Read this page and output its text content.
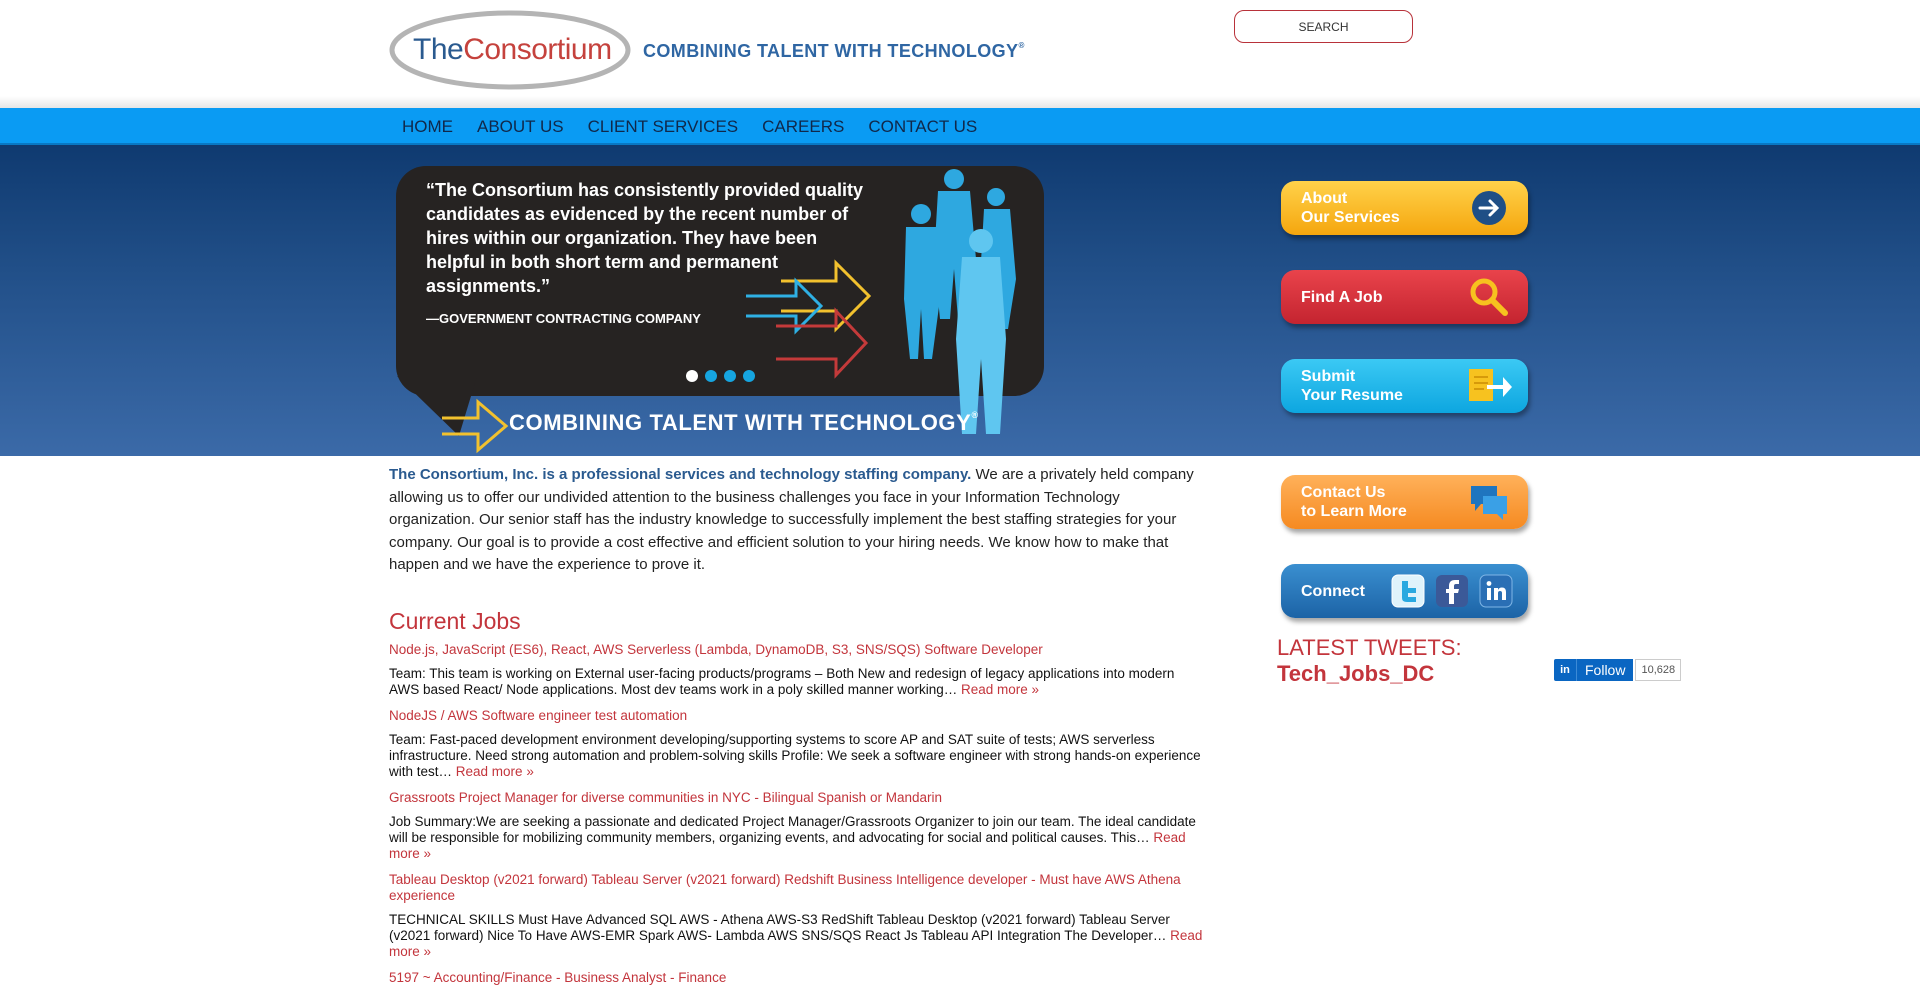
TheConsortium COMBINING TALENT WITH TECHNOLOGY®
SEARCH
HOME ABOUT US CLIENT SERVICES CAREERS CONTACT US
“The Consortium has consistently provided quality candidates as evidenced by the recent number of hires within our organization. They have been helpful in both short term and permanent assignments.”
—GOVERNMENT CONTRACTING COMPANY
COMBINING TALENT WITH TECHNOLOGY®
About
Our Services
Find A Job
Submit
Your Resume
Contact Us
to Learn More
Connect
The Consortium, Inc. is a professional services and technology staffing company. We are a privately held company allowing us to offer our undivided attention to the business challenges you face in your Information Technology organization. Our senior staff has the industry knowledge to successfully implement the best staffing strategies for your company. Our goal is to provide a cost effective and efficient solution to your hiring needs. We know how to make that happen and we have the experience to prove it.
Current Jobs
Node.js, JavaScript (ES6), React, AWS Serverless (Lambda, DynamoDB, S3, SNS/SQS) Software Developer
Team: This team is working on External user-facing products/programs – Both New and redesign of legacy applications into modern AWS based React/ Node applications. Most dev teams work in a poly skilled manner working… Read more »
NodeJS / AWS Software engineer test automation
Team: Fast-paced development environment developing/supporting systems to score AP and SAT suite of tests; AWS serverless infrastructure. Need strong automation and problem-solving skills Profile: We seek a software engineer with strong hands-on experience with test… Read more »
Grassroots Project Manager for diverse communities in NYC - Bilingual Spanish or Mandarin
Job Summary:We are seeking a passionate and dedicated Project Manager/Grassroots Organizer to join our team. The ideal candidate will be responsible for mobilizing community members, organizing events, and advocating for social and political causes. This… Read more »
Tableau Desktop (v2021 forward) Tableau Server (v2021 forward) Redshift Business Intelligence developer - Must have AWS Athena experience
TECHNICAL SKILLS Must Have Advanced SQL AWS - Athena AWS-S3 RedShift Tableau Desktop (v2021 forward) Tableau Server (v2021 forward) Nice To Have AWS-EMR Spark AWS- Lambda AWS SNS/SQS React Js Tableau API Integration The Developer… Read more »
5197 ~ Accounting/Finance - Business Analyst - Finance
LATEST TWEETS:
Tech_Jobs_DC	in	Follow	10,628
